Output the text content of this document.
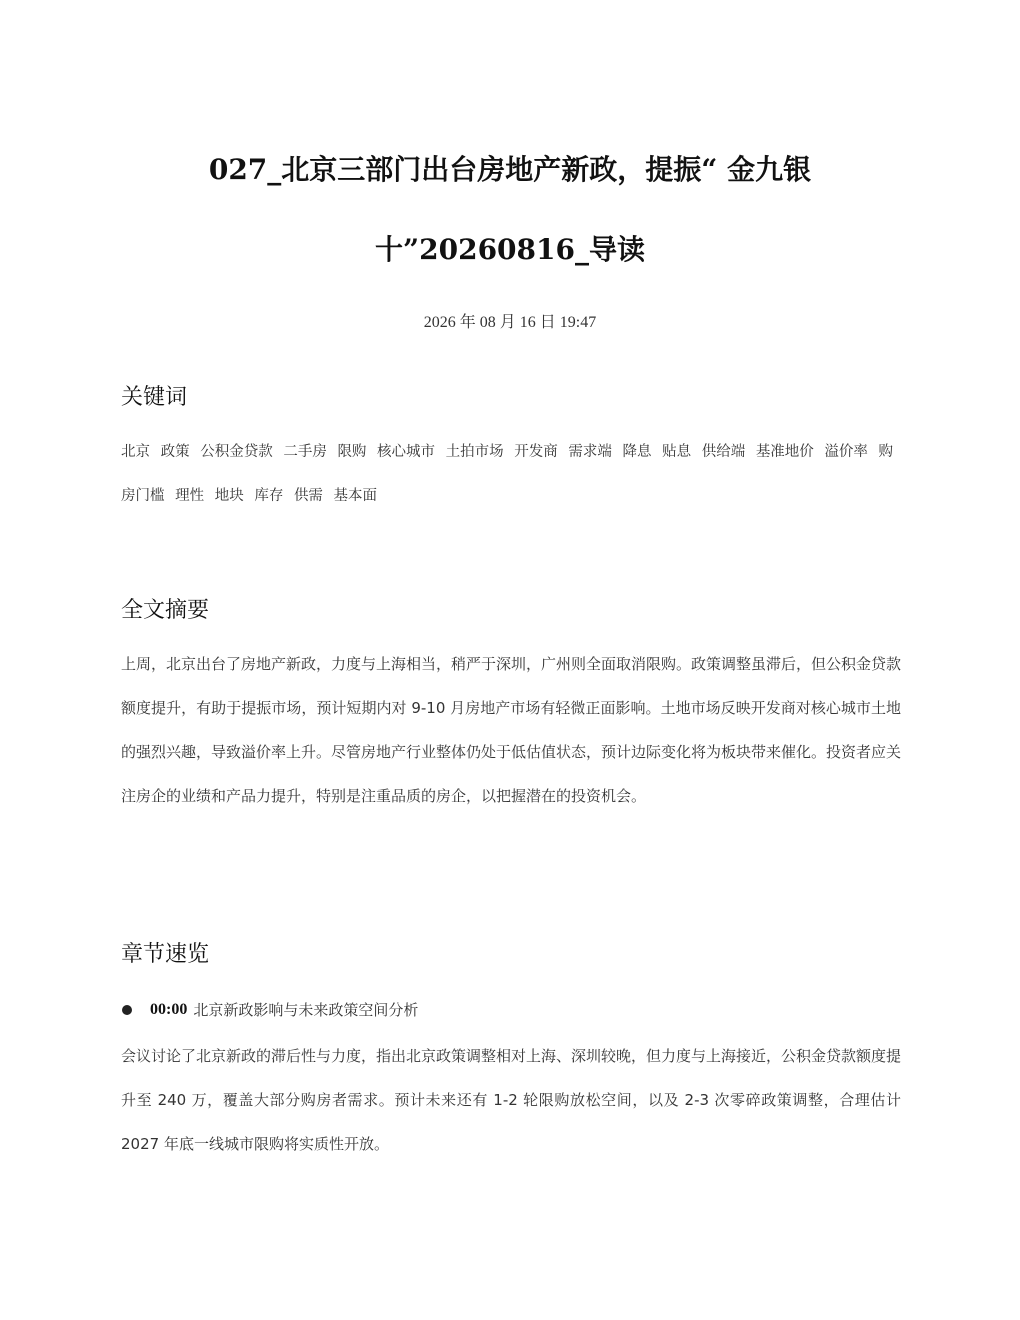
027_北京三部门出台房地产新政，提振“ 金九银
十”20260816_导读
2026 年 08 月 16 日 19:47
关键词
北京 政策 公积金贷款 二手房 限购 核心城市 土拍市场 开发商 需求端 降息 贴息 供给端 基准地价 溢价率 购房门槛 理性 地块 库存 供需 基本面
全文摘要

上周，北京出台了房地产新政，力度与上海相当，稍严于深圳，广州则全面取消限购。政策调整虽滞后，但公积金贷款额度提升，有助于提振市场，预计短期内对 9-10 月房地产市场有轻微正面影响。土地市场反映开发商对核心城市土地的强烈兴趣，导致溢价率上升。尽管房地产行业整体仍处于低估值状态，预计边际变化将为板块带来催化。投资者应关注房企的业绩和产品力提升，特别是注重品质的房企，以把握潜在的投资机会。

章节速览
00:00 北京新政影响与未来政策空间分析

会议讨论了北京新政的滞后性与力度，指出北京政策调整相对上海、深圳较晚，但力度与上海接近，公积金贷款额度提升至 240 万，覆盖大部分购房者需求。预计未来还有 1-2 轮限购放松空间，以及 2-3 次零碎政策调整，合理估计 2027 年底一线城市限购将实质性开放。
